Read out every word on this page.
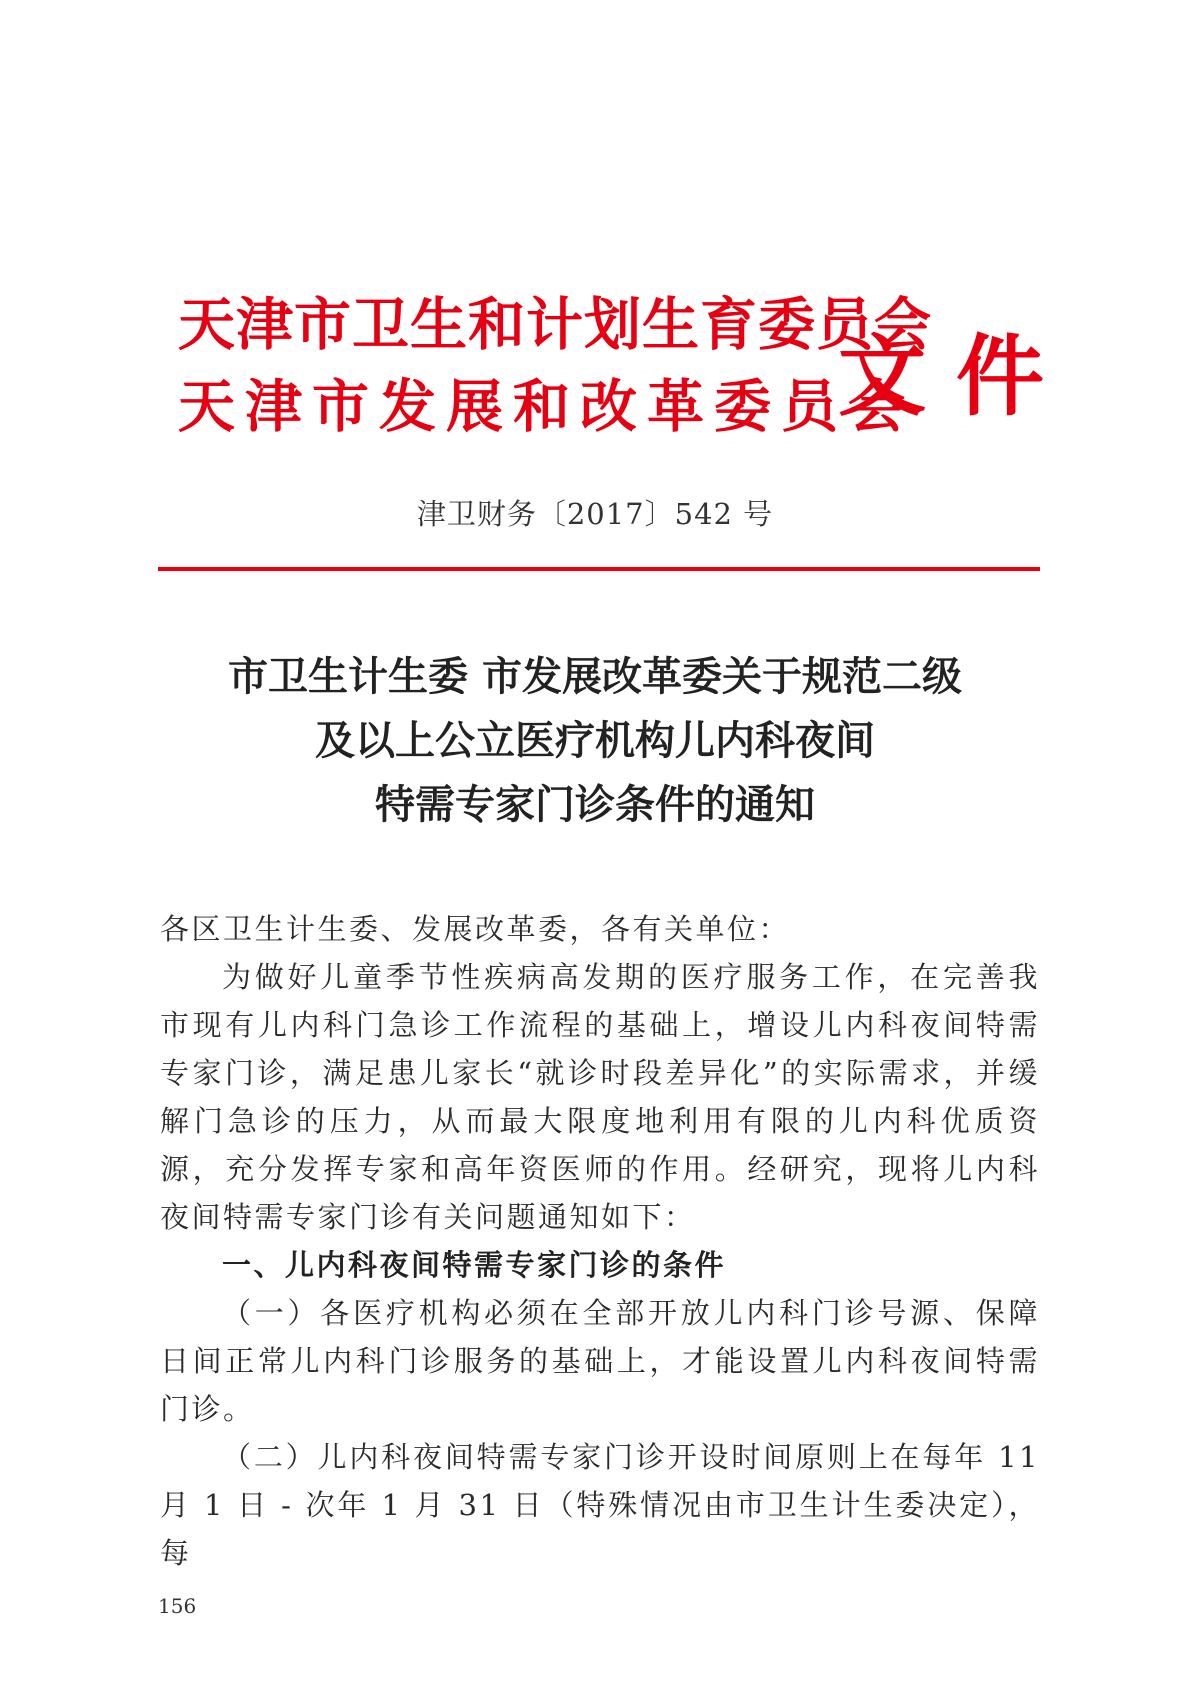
天津市卫生和计划生育委员会
天津市发展和改革委员会
文件
津卫财务〔2017〕542 号
市卫生计生委 市发展改革委关于规范二级
及以上公立医疗机构儿内科夜间
特需专家门诊条件的通知

各区卫生计生委、发展改革委，各有关单位：

为做好儿童季节性疾病高发期的医疗服务工作，在完善我市现有儿内科门急诊工作流程的基础上，增设儿内科夜间特需专家门诊，满足患儿家长“就诊时段差异化”的实际需求，并缓解门急诊的压力，从而最大限度地利用有限的儿内科优质资源，充分发挥专家和高年资医师的作用。经研究，现将儿内科夜间特需专家门诊有关问题通知如下：

一、儿内科夜间特需专家门诊的条件

（一）各医疗机构必须在全部开放儿内科门诊号源、保障日间正常儿内科门诊服务的基础上，才能设置儿内科夜间特需门诊。

（二）儿内科夜间特需专家门诊开设时间原则上在每年 11 月 1 日 - 次年 1 月 31 日（特殊情况由市卫生计生委决定），每

156
